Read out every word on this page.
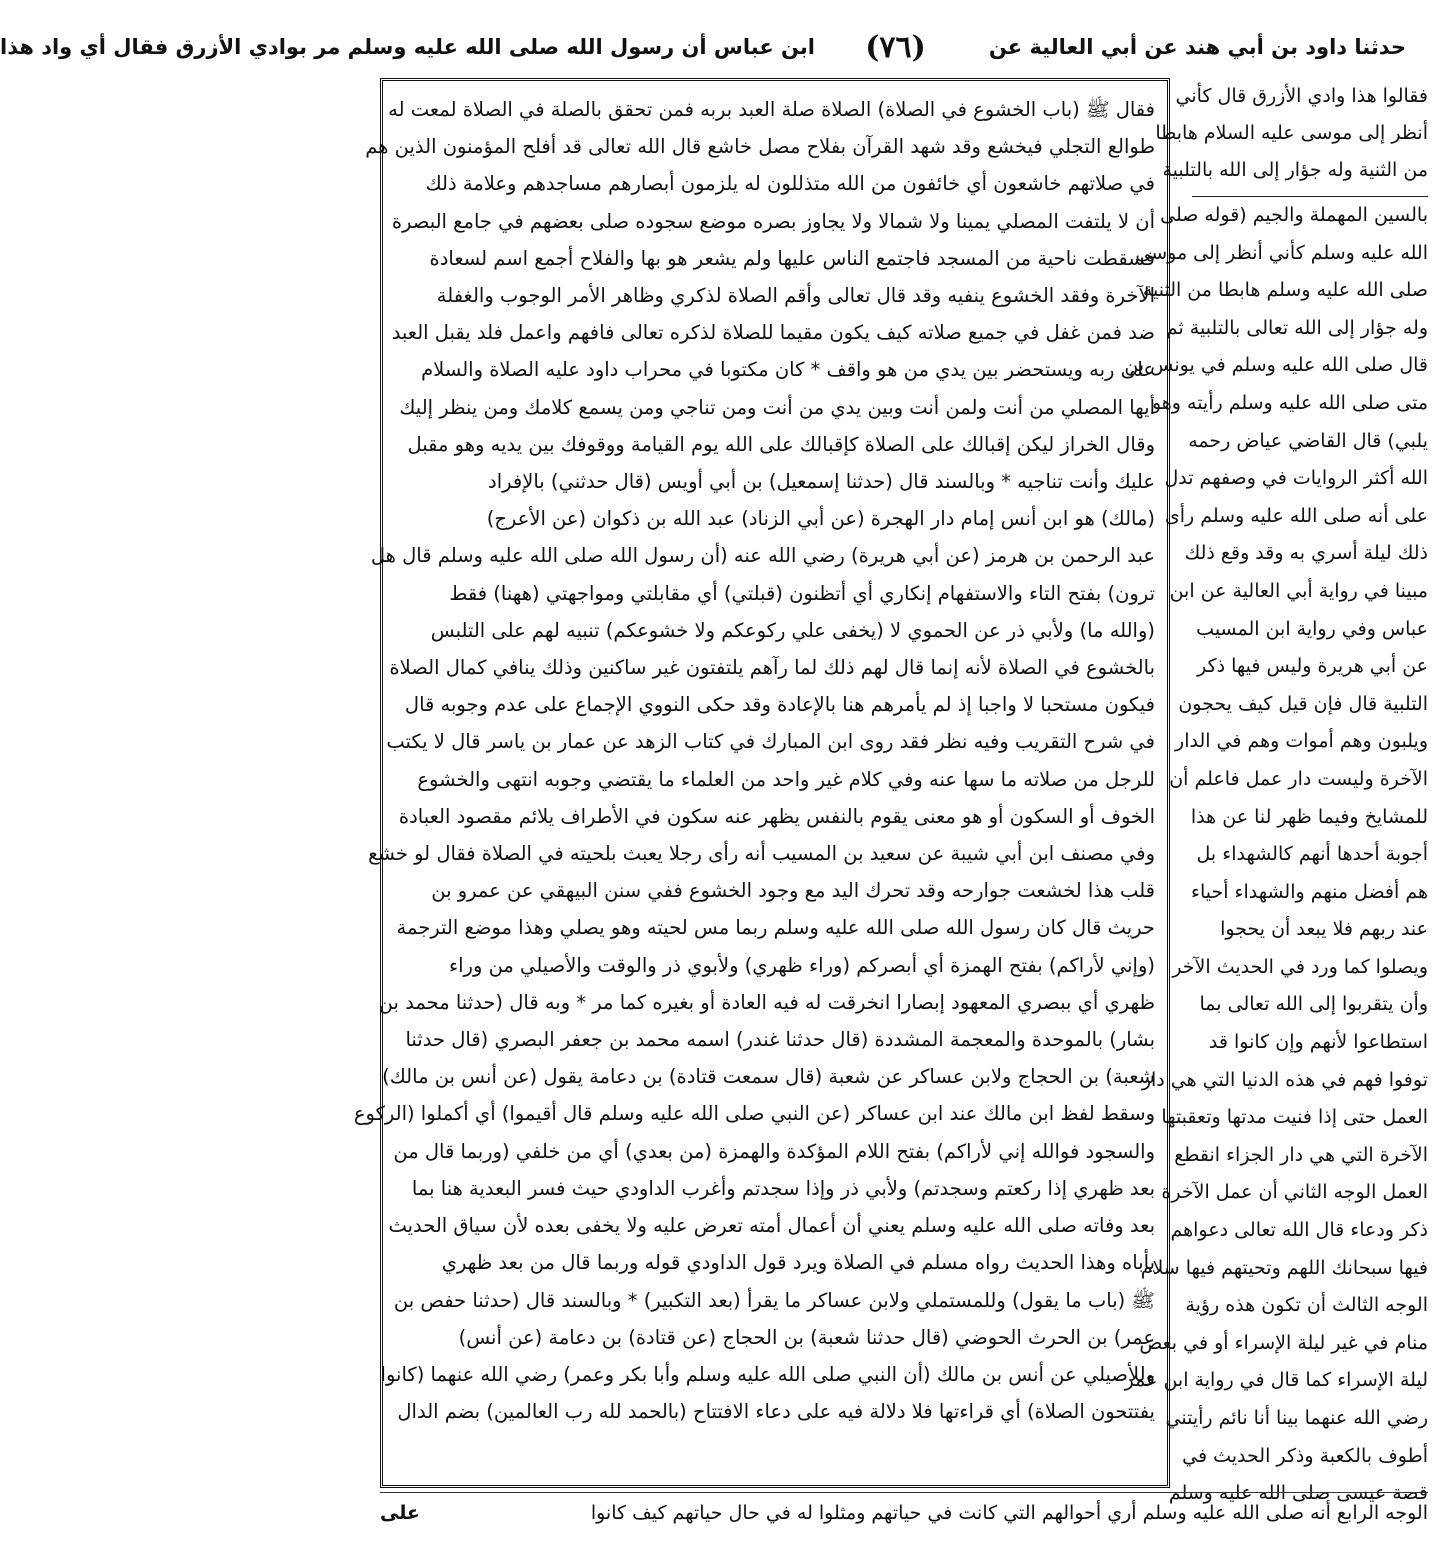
حدثنا داود بن أبي هند عن أبي العالية عن
(٧٦)
ابن عباس أن رسول الله صلى الله عليه وسلم مر بوادي الأزرق فقال أي واد هذا

فقالوا هذا وادي الأزرق قال كأني

أنظر إلى موسى عليه السلام هابطا

من الثنية وله جؤار إلى الله بالتلبية

بالسين المهملة والجيم (قوله صلى

الله عليه وسلم كأني أنظر إلى موسى

صلى الله عليه وسلم هابطا من الثنية

وله جؤار إلى الله تعالى بالتلبية ثم

قال صلى الله عليه وسلم في يونس بن

متى صلى الله عليه وسلم رأيته وهو

يلبي) قال القاضي عياض رحمه

الله أكثر الروايات في وصفهم تدل

على أنه صلى الله عليه وسلم رأى

ذلك ليلة أسري به وقد وقع ذلك

مبينا في رواية أبي العالية عن ابن

عباس وفي رواية ابن المسيب

عن أبي هريرة وليس فيها ذكر

التلبية قال فإن قيل كيف يحجون

ويلبون وهم أموات وهم في الدار

الآخرة وليست دار عمل فاعلم أن

للمشايخ وفيما ظهر لنا عن هذا

أجوبة أحدها أنهم كالشهداء بل

هم أفضل منهم والشهداء أحياء

عند ربهم فلا يبعد أن يحجوا

ويصلوا كما ورد في الحديث الآخر

وأن يتقربوا إلى الله تعالى بما

استطاعوا لأنهم وإن كانوا قد

توفوا فهم في هذه الدنيا التي هي دار

العمل حتى إذا فنيت مدتها وتعقبتها

الآخرة التي هي دار الجزاء انقطع

العمل الوجه الثاني أن عمل الآخرة

ذكر ودعاء قال الله تعالى دعواهم

فيها سبحانك اللهم وتحيتهم فيها سلام

الوجه الثالث أن تكون هذه رؤية

منام في غير ليلة الإسراء أو في بعض

ليلة الإسراء كما قال في رواية ابن عمر

رضي الله عنهما بينا أنا نائم رأيتني

أطوف بالكعبة وذكر الحديث في

قصة عيسى صلى الله عليه وسلم

فقال ﷺ (باب الخشوع في الصلاة) الصلاة صلة العبد بربه فمن تحقق بالصلة في الصلاة لمعت له

طوالع التجلي فيخشع وقد شهد القرآن بفلاح مصل خاشع قال الله تعالى قد أفلح المؤمنون الذين هم

في صلاتهم خاشعون أي خائفون من الله متذللون له يلزمون أبصارهم مساجدهم وعلامة ذلك

أن لا يلتفت المصلي يمينا ولا شمالا ولا يجاوز بصره موضع سجوده صلى بعضهم في جامع البصرة

فسقطت ناحية من المسجد فاجتمع الناس عليها ولم يشعر هو بها والفلاح أجمع اسم لسعادة

الآخرة وفقد الخشوع ينفيه وقد قال تعالى وأقم الصلاة لذكري وظاهر الأمر الوجوب والغفلة

ضد فمن غفل في جميع صلاته كيف يكون مقيما للصلاة لذكره تعالى فافهم واعمل فلد يقبل العبد

على ربه ويستحضر بين يدي من هو واقف * كان مكتوبا في محراب داود عليه الصلاة والسلام

أيها المصلي من أنت ولمن أنت وبين يدي من أنت ومن تناجي ومن يسمع كلامك ومن ينظر إليك

وقال الخراز ليكن إقبالك على الصلاة كإقبالك على الله يوم القيامة ووقوفك بين يديه وهو مقبل

عليك وأنت تناجيه * وبالسند قال (حدثنا إسمعيل) بن أبي أويس (قال حدثني) بالإفراد

(مالك) هو ابن أنس إمام دار الهجرة (عن أبي الزناد) عبد الله بن ذكوان (عن الأعرج)

عبد الرحمن بن هرمز (عن أبي هريرة) رضي الله عنه (أن رسول الله صلى الله عليه وسلم قال هل

ترون) بفتح التاء والاستفهام إنكاري أي أتظنون (قبلتي) أي مقابلتي ومواجهتي (ههنا) فقط

(والله ما) ولأبي ذر عن الحموي لا (يخفى علي ركوعكم ولا خشوعكم) تنبيه لهم على التلبس

بالخشوع في الصلاة لأنه إنما قال لهم ذلك لما رآهم يلتفتون غير ساكنين وذلك ينافي كمال الصلاة

فيكون مستحبا لا واجبا إذ لم يأمرهم هنا بالإعادة وقد حكى النووي الإجماع على عدم وجوبه قال

في شرح التقريب وفيه نظر فقد روى ابن المبارك في كتاب الزهد عن عمار بن ياسر قال لا يكتب

للرجل من صلاته ما سها عنه وفي كلام غير واحد من العلماء ما يقتضي وجوبه انتهى والخشوع

الخوف أو السكون أو هو معنى يقوم بالنفس يظهر عنه سكون في الأطراف يلائم مقصود العبادة

وفي مصنف ابن أبي شيبة عن سعيد بن المسيب أنه رأى رجلا يعبث بلحيته في الصلاة فقال لو خشع

قلب هذا لخشعت جوارحه وقد تحرك اليد مع وجود الخشوع ففي سنن البيهقي عن عمرو بن

حريث قال كان رسول الله صلى الله عليه وسلم ربما مس لحيته وهو يصلي وهذا موضع الترجمة

(وإني لأراكم) بفتح الهمزة أي أبصركم (وراء ظهري) ولأبوي ذر والوقت والأصيلي من وراء

ظهري أي ببصري المعهود إبصارا انخرقت له فيه العادة أو بغيره كما مر * وبه قال (حدثنا محمد بن

بشار) بالموحدة والمعجمة المشددة (قال حدثنا غندر) اسمه محمد بن جعفر البصري (قال حدثنا

شعبة) بن الحجاج ولابن عساكر عن شعبة (قال سمعت قتادة) بن دعامة يقول (عن أنس بن مالك)

وسقط لفظ ابن مالك عند ابن عساكر (عن النبي صلى الله عليه وسلم قال أقيموا) أي أكملوا (الركوع

والسجود فوالله إني لأراكم) بفتح اللام المؤكدة والهمزة (من بعدي) أي من خلفي (وربما قال من

بعد ظهري إذا ركعتم وسجدتم) ولأبي ذر وإذا سجدتم وأغرب الداودي حيث فسر البعدية هنا بما

بعد وفاته صلى الله عليه وسلم يعني أن أعمال أمته تعرض عليه ولا يخفى بعده لأن سياق الحديث

يأباه وهذا الحديث رواه مسلم في الصلاة ويرد قول الداودي قوله وربما قال من بعد ظهري

ﷺ (باب ما يقول) وللمستملي ولابن عساكر ما يقرأ (بعد التكبير) * وبالسند قال (حدثنا حفص بن

عمر) بن الحرث الحوضي (قال حدثنا شعبة) بن الحجاج (عن قتادة) بن دعامة (عن أنس)

وللأصيلي عن أنس بن مالك (أن النبي صلى الله عليه وسلم وأبا بكر وعمر) رضي الله عنهما (كانوا

يفتتحون الصلاة) أي قراءتها فلا دلالة فيه على دعاء الافتتاح (بالحمد لله رب العالمين) بضم الدال

الوجه الرابع أنه صلى الله عليه وسلم أري أحوالهم التي كانت في حياتهم ومثلوا له في حال حياتهم كيف كانوا
على
